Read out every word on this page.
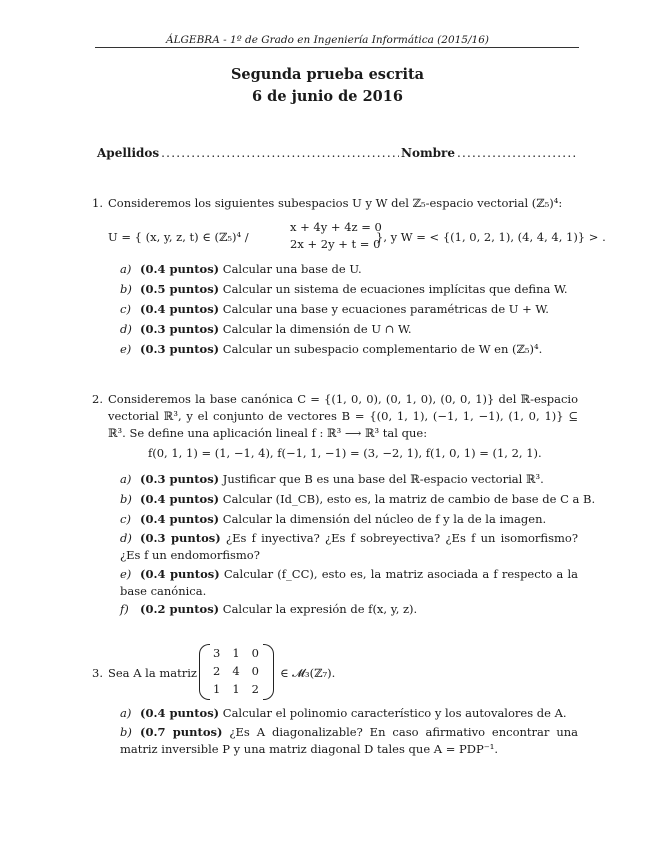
ÁLGEBRA - 1º de Grado en Ingeniería Informática (2015/16)
Segunda prueba escrita
6 de junio de 2016
Apellidos .....	Nombre
.....
1. Consideremos los siguientes subespacios U y W del ℤ₅-espacio vectorial (ℤ₅)⁴:
U = { (x, y, z, t) ∈ (ℤ₅)⁴ /
x + 4y + 4z = 0
2x + 2y + t = 0
}, y W = < {(1, 0, 2, 1), (4, 4, 4, 1)} > .
a) (0.4 puntos) Calcular una base de U.
b) (0.5 puntos) Calcular un sistema de ecuaciones implícitas que defina W.
c) (0.4 puntos) Calcular una base y ecuaciones paramétricas de U + W.
d) (0.3 puntos) Calcular la dimensión de U ∩ W.
e) (0.3 puntos) Calcular un subespacio complementario de W en (ℤ₅)⁴.
2. Consideremos la base canónica C = {(1, 0, 0), (0, 1, 0), (0, 0, 1)} del ℝ-espacio vectorial ℝ³, y el conjunto de vectores B = {(0, 1, 1), (−1, 1, −1), (1, 0, 1)} ⊆ ℝ³. Se define una aplicación lineal f : ℝ³ ⟶ ℝ³ tal que:
f(0, 1, 1) = (1, −1, 4), f(−1, 1, −1) = (3, −2, 1), f(1, 0, 1) = (1, 2, 1).
a) (0.3 puntos) Justificar que B es una base del ℝ-espacio vectorial ℝ³.
b) (0.4 puntos) Calcular (Id_CB), esto es, la matriz de cambio de base de C a B.
c) (0.4 puntos) Calcular la dimensión del núcleo de f y la de la imagen.
d) (0.3 puntos) ¿Es f inyectiva? ¿Es f sobreyectiva? ¿Es f un isomorfismo? ¿Es f un endomorfismo?
e) (0.4 puntos) Calcular (f_CC), esto es, la matriz asociada a f respecto a la base canónica.
f) (0.2 puntos) Calcular la expresión de f(x, y, z).
3. Sea A la matriz
3	1	0
2	4	0
1	1	2
∈ 𝓜₃(ℤ₇).
a) (0.4 puntos) Calcular el polinomio característico y los autovalores de A.
b) (0.7 puntos) ¿Es A diagonalizable? En caso afirmativo encontrar una matriz inversible P y una matriz diagonal D tales que A = PDP⁻¹.
